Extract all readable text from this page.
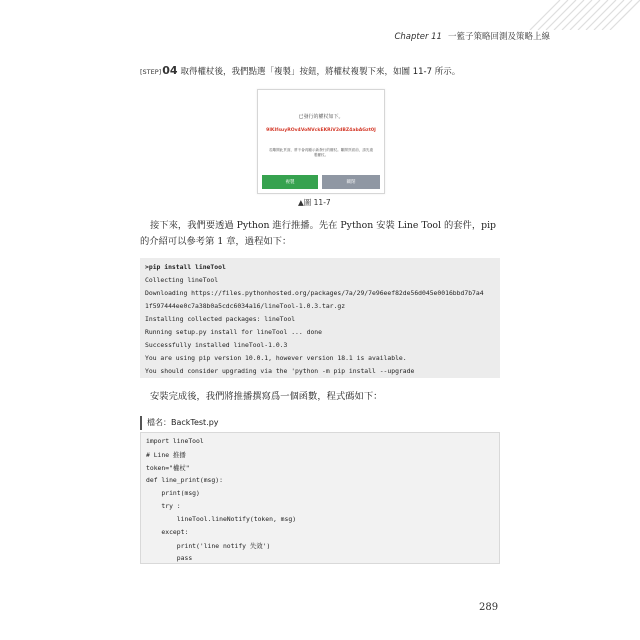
Chapter 11 一籃子策略回測及策略上線
[STEP]04 取得權杖後，我們點選「複製」按鈕，將權杖複製下來，如圖 11-7 所示。
已發行的權杖如下。
9lKIfsuyROv4VoNVckEKRiV2dBZ4abAGzt0J
若離開此頁面，將不會再顯示新發行的權杖。離開頁面前，請先複製權杖。
複製	關閉
▲圖 11-7

接下來，我們要透過 Python 進行推播。先在 Python 安裝 Line Tool 的套件，pip 的介紹可以參考第 1 章，過程如下：

>pip install lineTool
Collecting lineTool
Downloading https://files.pythonhosted.org/packages/7a/29/7e96eef82de56d045e0016bbd7b7a4
1f597444ee0c7a38b0a5cdc6034a16/lineTool-1.0.3.tar.gz
Installing collected packages: lineTool
Running setup.py install for lineTool ... done
Successfully installed lineTool-1.0.3
You are using pip version 10.0.1, however version 18.1 is available.
You should consider upgrading via the 'python -m pip install --upgrade

安裝完成後，我們將推播撰寫爲一個函數，程式碼如下：

檔名：BackTest.py
import lineTool
# Line 推播
token="權杖"
def line_print(msg):
print(msg)
try :
lineTool.lineNotify(token, msg)
except:
print('line notify 失效')
pass
289
